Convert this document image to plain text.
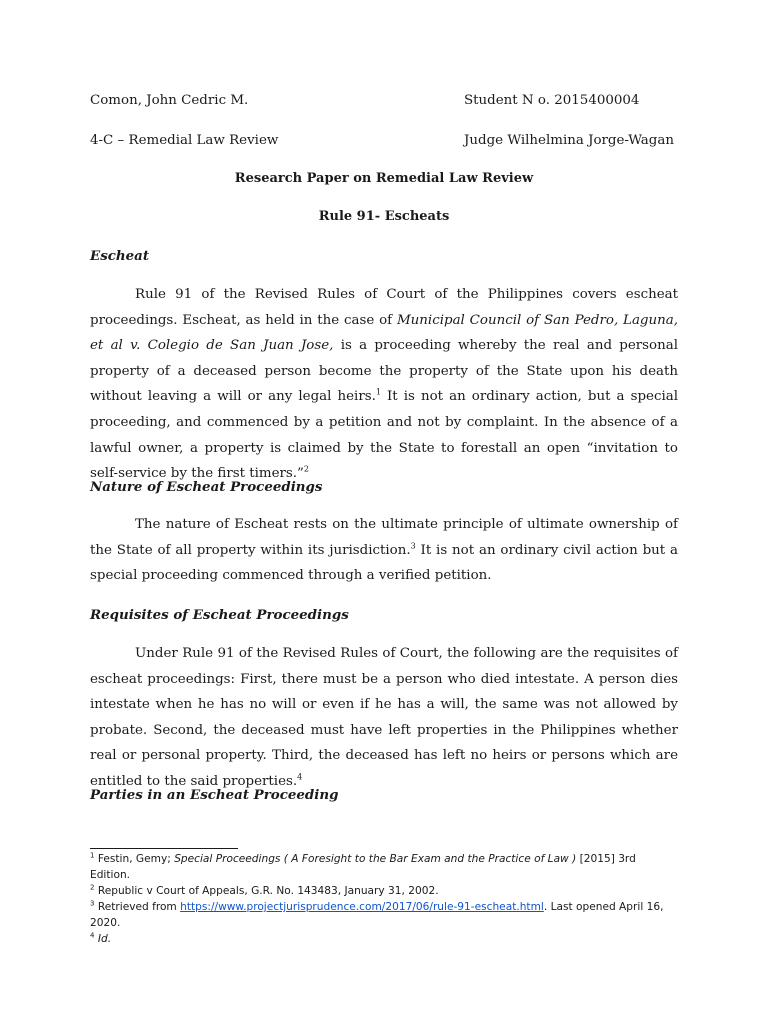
Comon, John Cedric M.	Student N o. 2015400004
4-C – Remedial Law Review	Judge Wilhelmina Jorge-Wagan
Research Paper on Remedial Law Review
Rule 91- Escheats
Escheat

Rule 91 of the Revised Rules of Court of the Philippines covers escheat proceedings. Escheat, as held in the case of Municipal Council of San Pedro, Laguna, et al v. Colegio de San Juan Jose, is a proceeding whereby the real and personal property of a deceased person become the property of the State upon his death without leaving a will or any legal heirs.$^1$ It is not an ordinary action, but a special proceeding, and commenced by a petition and not by complaint. In the absence of a lawful owner, a property is claimed by the State to forestall an open “invitation to self-service by the first timers.”$^2$

Nature of Escheat Proceedings

The nature of Escheat rests on the ultimate principle of ultimate ownership of the State of all property within its jurisdiction.$^3$ It is not an ordinary civil action but a special proceeding commenced through a verified petition.

Requisites of Escheat Proceedings

Under Rule 91 of the Revised Rules of Court, the following are the requisites of escheat proceedings: First, there must be a person who died intestate. A person dies intestate when he has no will or even if he has a will, the same was not allowed by probate. Second, the deceased must have left properties in the Philippines whether real or personal property. Third, the deceased has left no heirs or persons which are entitled to the said properties.$^4$

Parties in an Escheat Proceeding

$^1$ Festin, Gemy; Special Proceedings ( A Foresight to the Bar Exam and the Practice of Law ) [2015] 3rd Edition.

$^2$ Republic v Court of Appeals, G.R. No. 143483, January 31, 2002.

$^3$ Retrieved from https://www.projectjurisprudence.com/2017/06/rule-91-escheat.html. Last opened April 16, 2020.

$^4$ Id.
